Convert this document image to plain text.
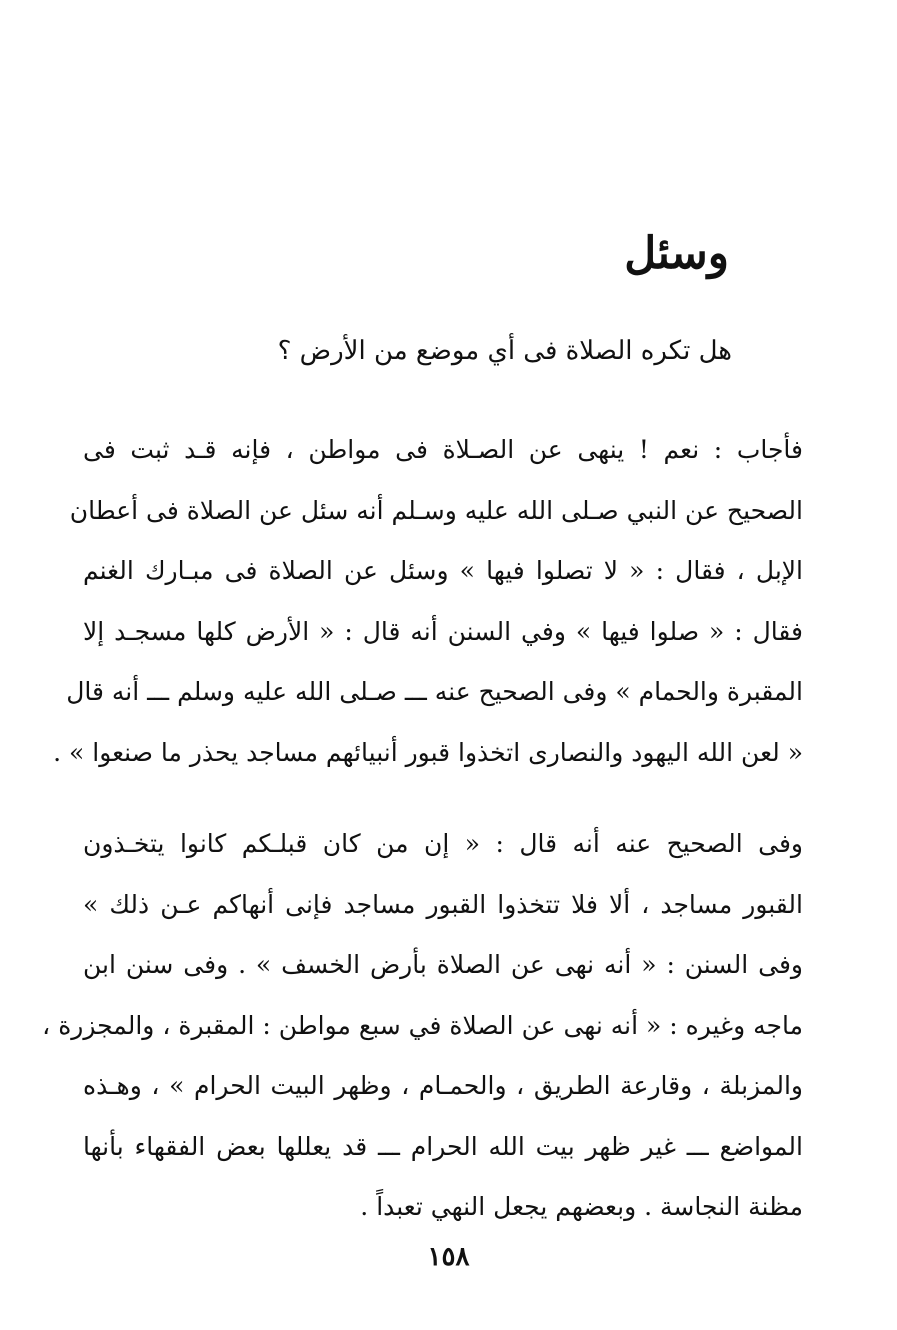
وسئل
هل تكره الصلاة فى أي موضع من الأرض ؟
فأجاب : نعم ! ينهى عن الصـلاة فى مواطن ، فإنه قـد ثبت فى
الصحيح عن النبي صـلى الله عليه وسـلم أنه سئل عن الصلاة فى أعطان
الإبل ، فقال : « لا تصلوا فيها » وسئل عن الصلاة فى مبـارك الغنم
فقال : « صلوا فيها » وفي السنن أنه قال : « الأرض كلها مسجـد إلا
المقبرة والحمام » وفى الصحيح عنه ـــ صـلى الله عليه وسلم ـــ أنه قال
« لعن الله اليهود والنصارى اتخذوا قبور أنبيائهم مساجد يحذر ما صنعوا » .
وفى الصحيح عنه أنه قال : « إن من كان قبلـكم كانوا يتخـذون
القبور مساجد ، ألا فلا تتخذوا القبور مساجد فإنى أنهاكم عـن ذلك »
وفى السنن : « أنه نهى عن الصلاة بأرض الخسف » . وفى سنن ابن
ماجه وغيره : « أنه نهى عن الصلاة في سبع مواطن : المقبرة ، والمجزرة ،
والمزبلة ، وقارعة الطريق ، والحمـام ، وظهر البيت الحرام » ، وهـذه
المواضع ـــ غير ظهر بيت الله الحرام ـــ قد يعللها بعض الفقهاء بأنها
مظنة النجاسة . وبعضهم يجعل النهي تعبداً .
١٥٨
